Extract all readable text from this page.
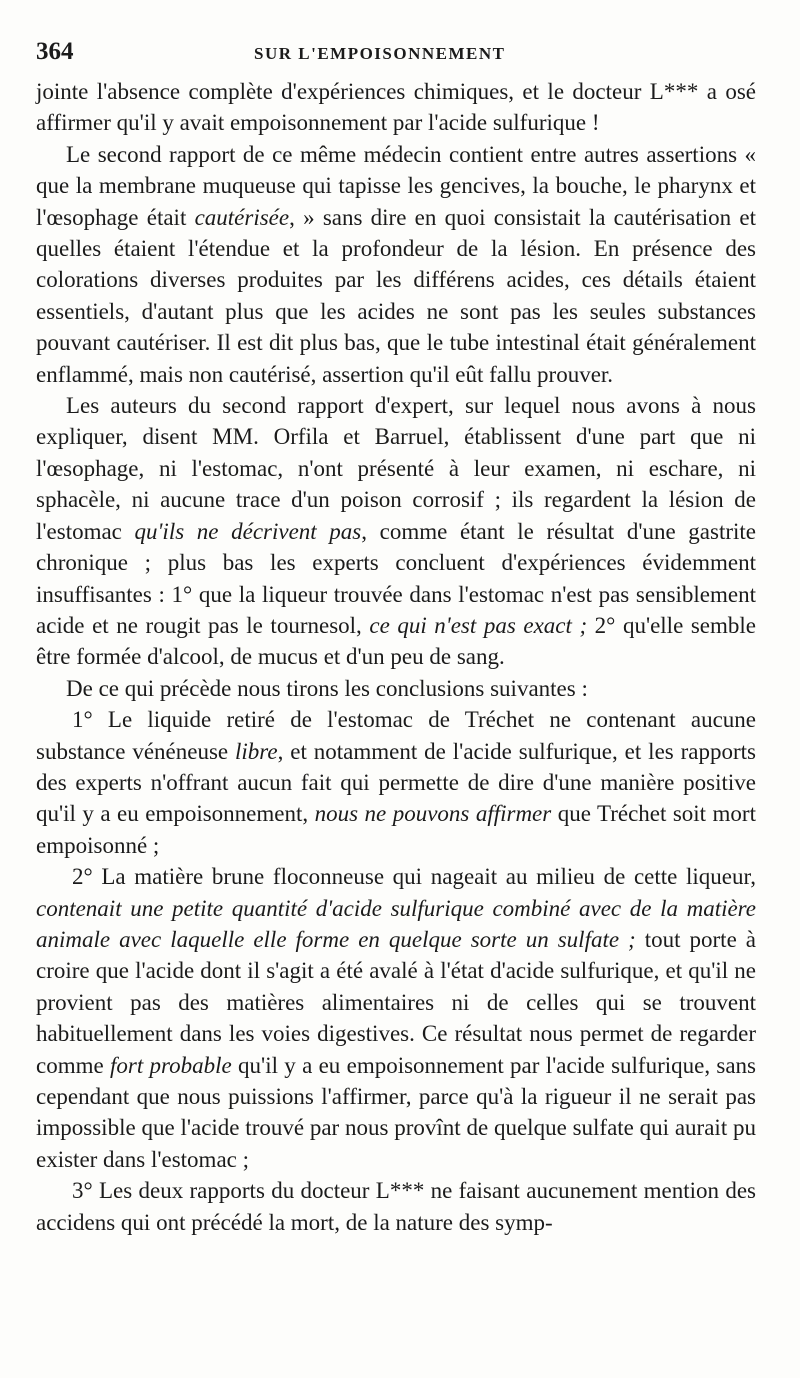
364	SUR L'EMPOISONNEMENT

jointe l'absence complète d'expériences chimiques, et le docteur L*** a osé affirmer qu'il y avait empoisonnement par l'acide sulfurique !

Le second rapport de ce même médecin contient entre autres assertions « que la membrane muqueuse qui tapisse les gencives, la bouche, le pharynx et l'œsophage était cautérisée, » sans dire en quoi consistait la cautérisation et quelles étaient l'étendue et la profondeur de la lésion. En présence des colorations diverses produites par les différens acides, ces détails étaient essentiels, d'autant plus que les acides ne sont pas les seules substances pouvant cautériser. Il est dit plus bas, que le tube intestinal était généralement enflammé, mais non cautérisé, assertion qu'il eût fallu prouver.

Les auteurs du second rapport d'expert, sur lequel nous avons à nous expliquer, disent MM. Orfila et Barruel, établissent d'une part que ni l'œsophage, ni l'estomac, n'ont présenté à leur examen, ni eschare, ni sphacèle, ni aucune trace d'un poison corrosif ; ils regardent la lésion de l'estomac qu'ils ne décrivent pas, comme étant le résultat d'une gastrite chronique ; plus bas les experts concluent d'expériences évidemment insuffisantes : 1° que la liqueur trouvée dans l'estomac n'est pas sensiblement acide et ne rougit pas le tournesol, ce qui n'est pas exact ; 2° qu'elle semble être formée d'alcool, de mucus et d'un peu de sang.

De ce qui précède nous tirons les conclusions suivantes :

1° Le liquide retiré de l'estomac de Tréchet ne contenant aucune substance vénéneuse libre, et notamment de l'acide sulfurique, et les rapports des experts n'offrant aucun fait qui permette de dire d'une manière positive qu'il y a eu empoisonnement, nous ne pouvons affirmer que Tréchet soit mort empoisonné ;

2° La matière brune floconneuse qui nageait au milieu de cette liqueur, contenait une petite quantité d'acide sulfurique combiné avec de la matière animale avec laquelle elle forme en quelque sorte un sulfate ; tout porte à croire que l'acide dont il s'agit a été avalé à l'état d'acide sulfurique, et qu'il ne provient pas des matières alimentaires ni de celles qui se trouvent habituellement dans les voies digestives. Ce résultat nous permet de regarder comme fort probable qu'il y a eu empoisonnement par l'acide sulfurique, sans cependant que nous puissions l'affirmer, parce qu'à la rigueur il ne serait pas impossible que l'acide trouvé par nous provînt de quelque sulfate qui aurait pu exister dans l'estomac ;

3° Les deux rapports du docteur L*** ne faisant aucunement mention des accidens qui ont précédé la mort, de la nature des symp-
